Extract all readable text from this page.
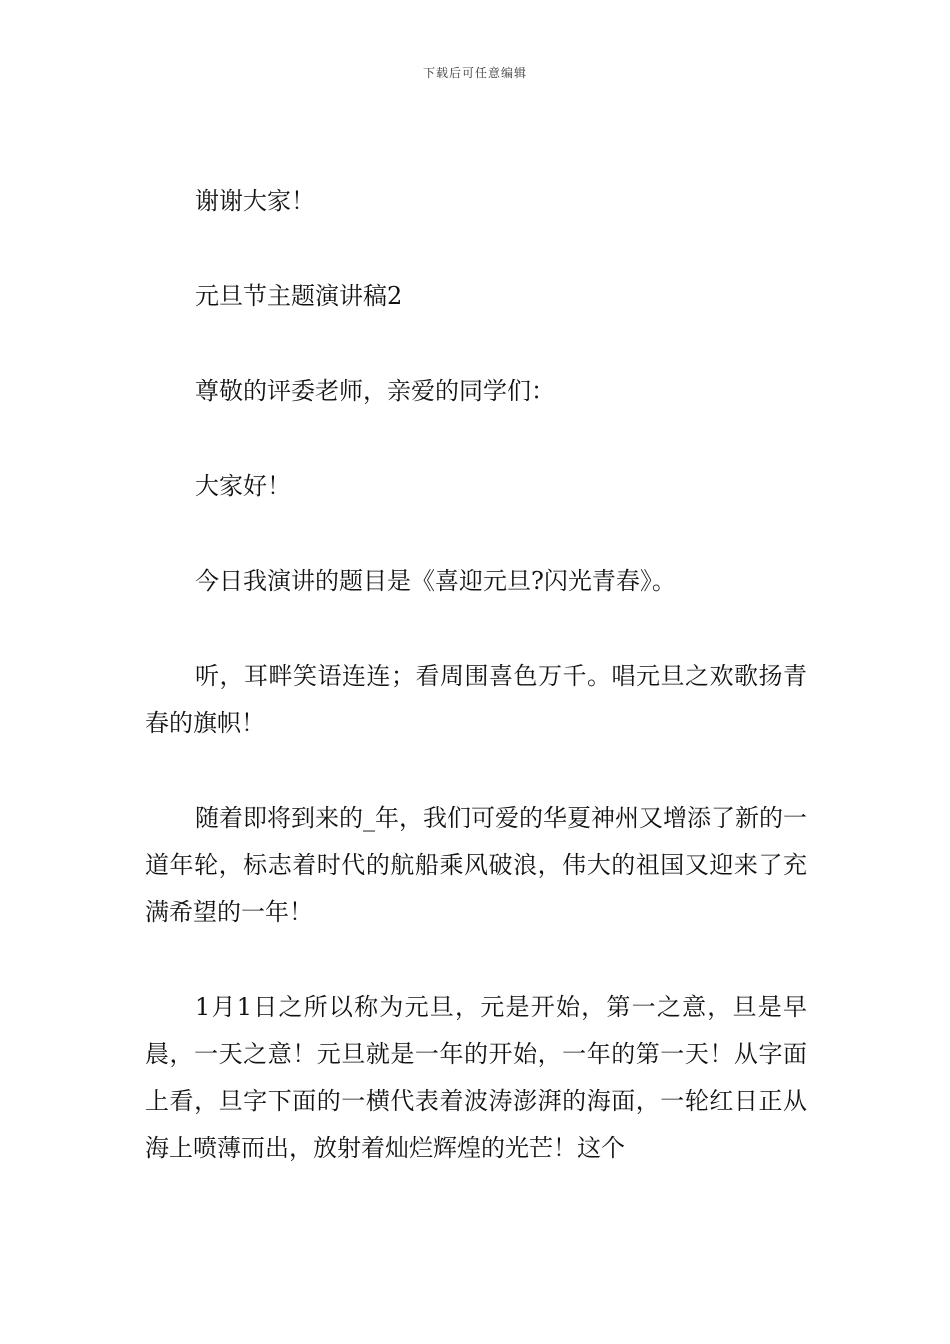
下载后可任意编辑

谢谢大家！

元旦节主题演讲稿2

尊敬的评委老师，亲爱的同学们：

大家好！

今日我演讲的题目是《喜迎元旦?闪光青春》。

听，耳畔笑语连连；看周围喜色万千。唱元旦之欢歌扬青春的旗帜！

随着即将到来的_年，我们可爱的华夏神州又增添了新的一道年轮，标志着时代的航船乘风破浪，伟大的祖国又迎来了充满希望的一年！

1月1日之所以称为元旦，元是开始，第一之意，旦是早晨，一天之意！元旦就是一年的开始，一年的第一天！从字面上看，旦字下面的一横代表着波涛澎湃的海面，一轮红日正从海上喷薄而出，放射着灿烂辉煌的光芒！这个
